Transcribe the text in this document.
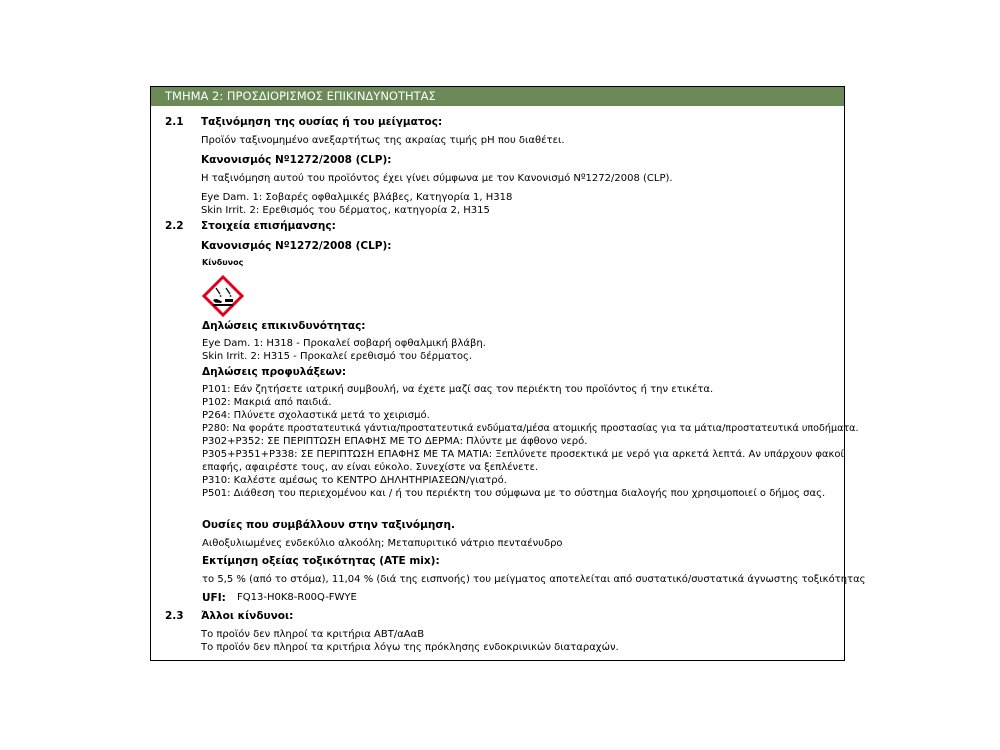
ΤΜΗΜΑ 2: ΠΡΟΣΔΙΟΡΙΣΜΟΣ ΕΠΙΚΙΝΔΥΝΟΤΗΤΑΣ
2.1 Ταξινόμηση της ουσίας ή του μείγματος:
Προϊόν ταξινομημένο ανεξαρτήτως της ακραίας τιμής pH που διαθέτει.
Κανονισμός Nº1272/2008 (CLP):
Η ταξινόμηση αυτού του προϊόντος έχει γίνει σύμφωνα με τον Κανονισμό Nº1272/2008 (CLP).
Eye Dam. 1: Σοβαρές οφθαλμικές βλάβες, Κατηγορία 1, H318
Skin Irrit. 2: Ερεθισμός του δέρματος, κατηγορία 2, H315
2.2 Στοιχεία επισήμανσης:
Κανονισμός Nº1272/2008 (CLP):
Κίνδυνος
Δηλώσεις επικινδυνότητας:
Eye Dam. 1: H318 - Προκαλεί σοβαρή οφθαλμική βλάβη.
Skin Irrit. 2: H315 - Προκαλεί ερεθισμό του δέρματος.
Δηλώσεις προφυλάξεων:
P101: Εάν ζητήσετε ιατρική συμβουλή, να έχετε μαζί σας τον περιέκτη του προϊόντος ή την ετικέτα.
P102: Μακριά από παιδιά.
P264: Πλύνετε σχολαστικά μετά το χειρισμό.
P280: Να φοράτε προστατευτικά γάντια/προστατευτικά ενδύματα/μέσα ατομικής προστασίας για τα μάτια/προστατευτικά υποδήματα.
P302+P352: ΣΕ ΠΕΡΙΠΤΩΣΗ ΕΠΑΦΗΣ ΜΕ ΤΟ ΔΕΡΜΑ: Πλύντε με άφθονο νερό.
P305+P351+P338: ΣΕ ΠΕΡΙΠΤΩΣΗ ΕΠΑΦΗΣ ΜΕ ΤΑ ΜΑΤΙΑ: Ξεπλύνετε προσεκτικά με νερό για αρκετά λεπτά. Αν υπάρχουν φακοί
επαφής, αφαιρέστε τους, αν είναι εύκολο. Συνεχίστε να ξεπλένετε.
P310: Καλέστε αμέσως το ΚΕΝΤΡΟ ΔΗΛΗΤΗΡΙΑΣΕΩΝ/γιατρό.
P501: Διάθεση του περιεχομένου και / ή του περιέκτη του σύμφωνα με το σύστημα διαλογής που χρησιμοποιεί ο δήμος σας.
Ουσίες που συμβάλλουν στην ταξινόμηση.
Αιθοξυλιωμένες ενδεκύλιο αλκοόλη; Μεταπυριτικό νάτριο πενταένυδρο
Εκτίμηση οξείας τοξικότητας (ATE mix):
το 5,5 % (από το στόμα), 11,04 % (διά της εισπνοής) του μείγματος αποτελείται από συστατικό/συστατικά άγνωστης τοξικότητας
UFI: FQ13-H0K8-R00Q-FWYE
2.3 Άλλοι κίνδυνοι:
Το προϊόν δεν πληροί τα κριτήρια ΑΒΤ/αΑαΒ
Το προϊόν δεν πληροί τα κριτήρια λόγω της πρόκλησης ενδοκρινικών διαταραχών.
